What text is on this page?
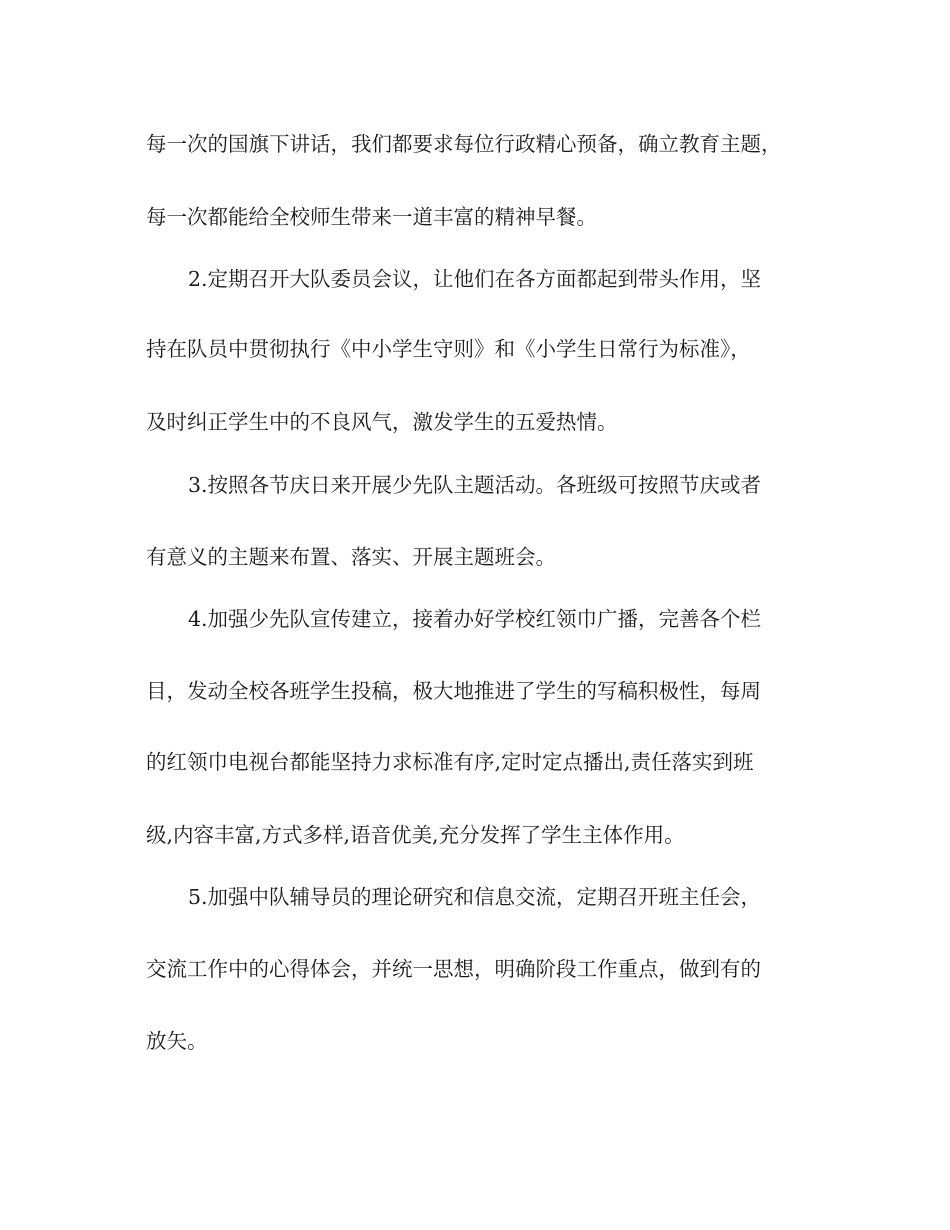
每一次的国旗下讲话，我们都要求每位行政精心预备，确立教育主题，

每一次都能给全校师生带来一道丰富的精神早餐。

2.定期召开大队委员会议，让他们在各方面都起到带头作用，坚

持在队员中贯彻执行《中小学生守则》和《小学生日常行为标准》，

及时纠正学生中的不良风气，激发学生的五爱热情。

3.按照各节庆日来开展少先队主题活动。各班级可按照节庆或者

有意义的主题来布置、落实、开展主题班会。

4.加强少先队宣传建立，接着办好学校红领巾广播，完善各个栏

目，发动全校各班学生投稿，极大地推进了学生的写稿积极性，每周

的红领巾电视台都能坚持力求标准有序,定时定点播出,责任落实到班

级,内容丰富,方式多样,语音优美,充分发挥了学生主体作用。

5.加强中队辅导员的理论研究和信息交流，定期召开班主任会，

交流工作中的心得体会，并统一思想，明确阶段工作重点，做到有的

放矢。
